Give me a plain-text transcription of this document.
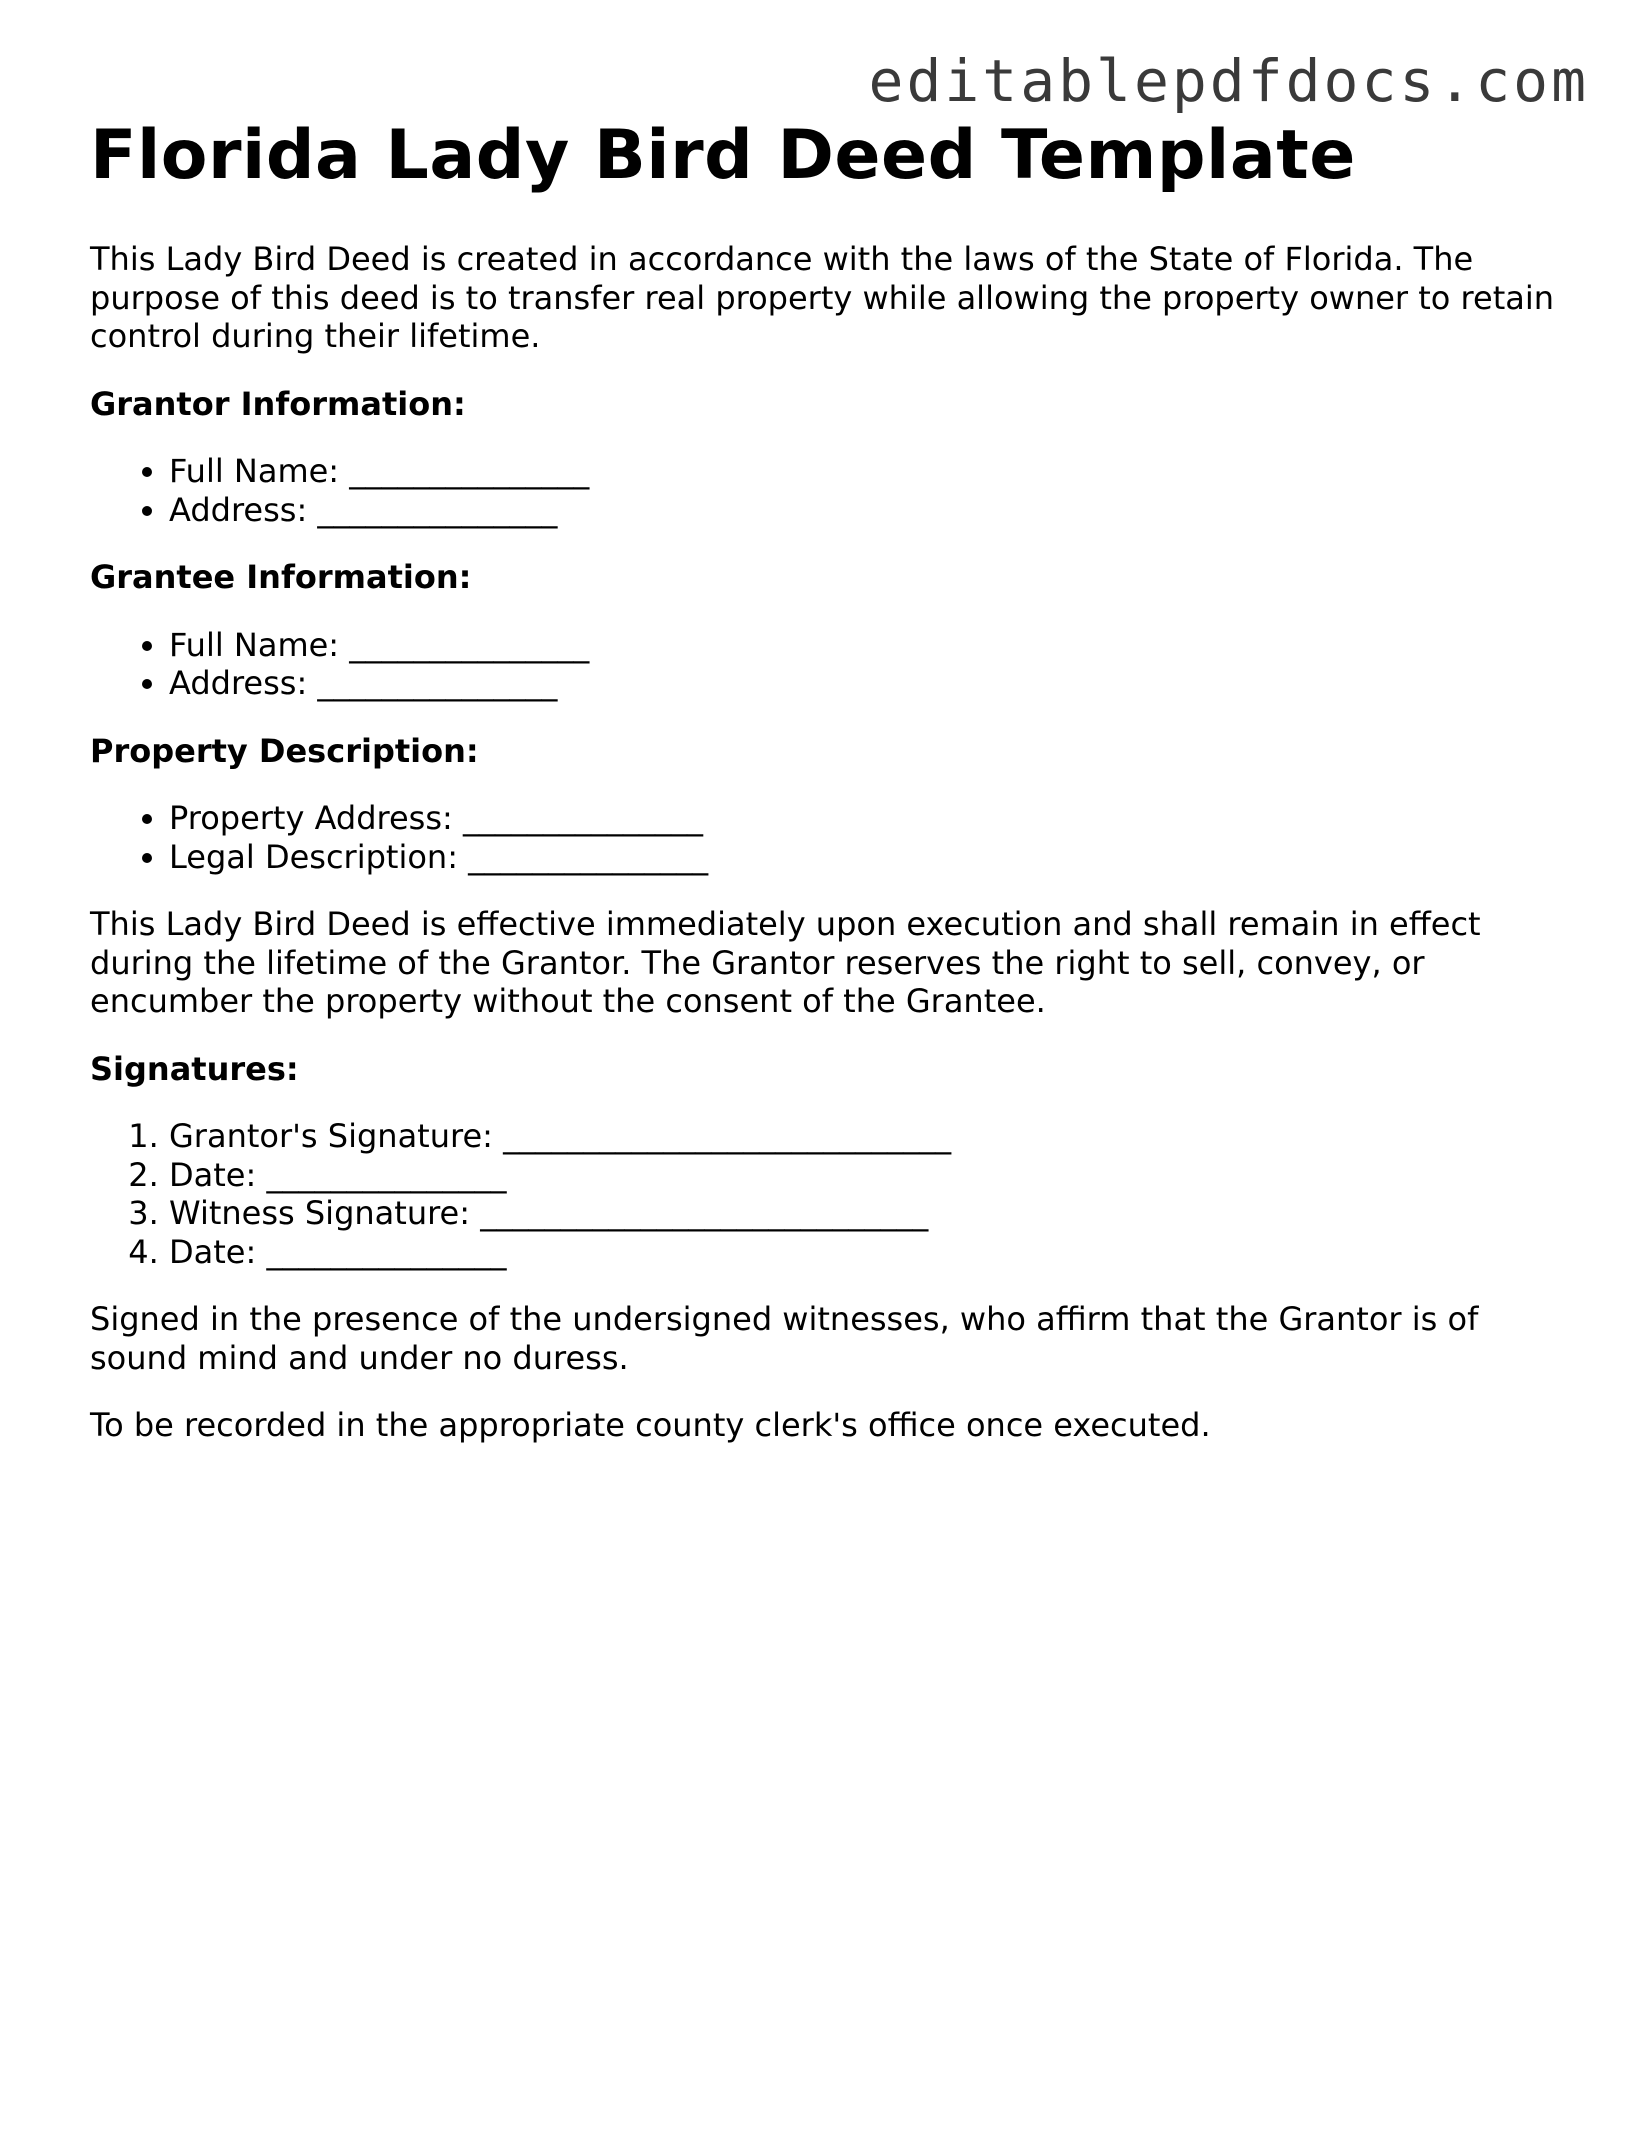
editablepdfdocs.com
Florida Lady Bird Deed Template

This Lady Bird Deed is created in accordance with the laws of the State of Florida. The purpose of this deed is to transfer real property while allowing the property owner to retain control during their lifetime.

Grantor Information:
• Full Name: _______________
• Address: _______________
Grantee Information:
• Full Name: _______________
• Address: _______________
Property Description:
• Property Address: _______________
• Legal Description: _______________

This Lady Bird Deed is effective immediately upon execution and shall remain in effect during the lifetime of the Grantor. The Grantor reserves the right to sell, convey, or encumber the property without the consent of the Grantee.

Signatures:
1. Grantor's Signature: ____________________________
2. Date: _______________
3. Witness Signature: ____________________________
4. Date: _______________

Signed in the presence of the undersigned witnesses, who affirm that the Grantor is of sound mind and under no duress.

To be recorded in the appropriate county clerk's office once executed.
